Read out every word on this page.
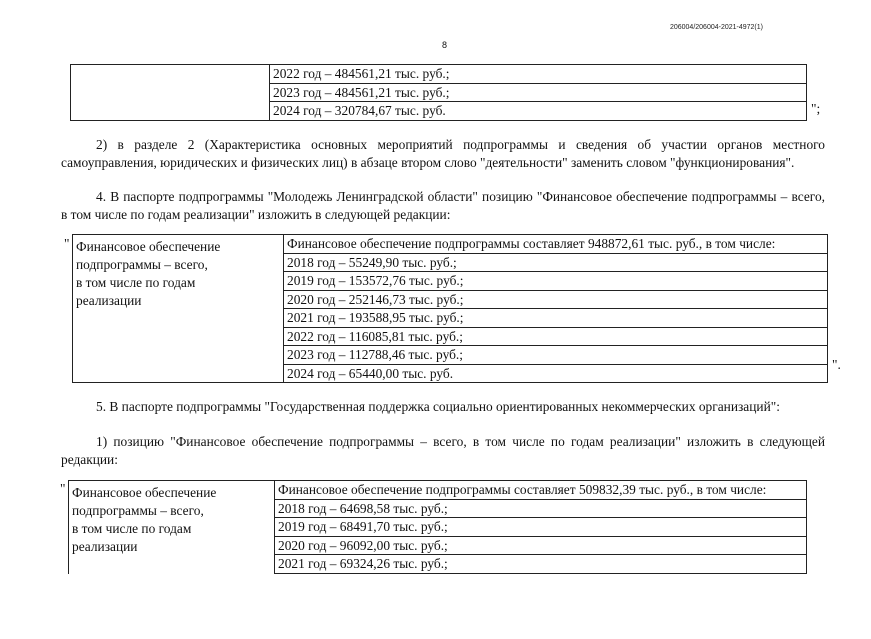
206004/206004-2021-4972(1)
8

2022 год – 484561,21 тыс. руб.;
2023 год – 484561,21 тыс. руб.;
2024 год – 320784,67 тыс. руб.	";
2) в разделе 2 (Характеристика основных мероприятий подпрограммы и сведения об участии органов местного самоуправления, юридических и физических лиц) в абзаце втором слово "деятельности" заменить словом "функционирования".
4. В паспорте подпрограммы "Молодежь Ленинградской области" позицию "Финансовое обеспечение подпрограммы – всего, в том числе по годам реализации" изложить в следующей редакции:
" Финансовое обеспечение
подпрограммы – всего,
в том числе по годам
реализации

Финансовое обеспечение подпрограммы составляет 948872,61 тыс. руб., в том числе:
2018 год – 55249,90 тыс. руб.;
2019 год – 153572,76 тыс. руб.;
2020 год – 252146,73 тыс. руб.;
2021 год – 193588,95 тыс. руб.;
2022 год – 116085,81 тыс. руб.;
2023 год – 112788,46 тыс. руб.;
2024 год – 65440,00 тыс. руб.
".
5. В паспорте подпрограммы "Государственная поддержка социально ориентированных некоммерческих организаций":
1) позицию "Финансовое обеспечение подпрограммы – всего, в том числе по годам реализации" изложить в следующей редакции:
" Финансовое обеспечение
подпрограммы – всего,
в том числе по годам
реализации

Финансовое обеспечение подпрограммы составляет 509832,39 тыс. руб., в том числе:
2018 год – 64698,58 тыс. руб.;
2019 год – 68491,70 тыс. руб.;
2020 год – 96092,00 тыс. руб.;
2021 год – 69324,26 тыс. руб.;
